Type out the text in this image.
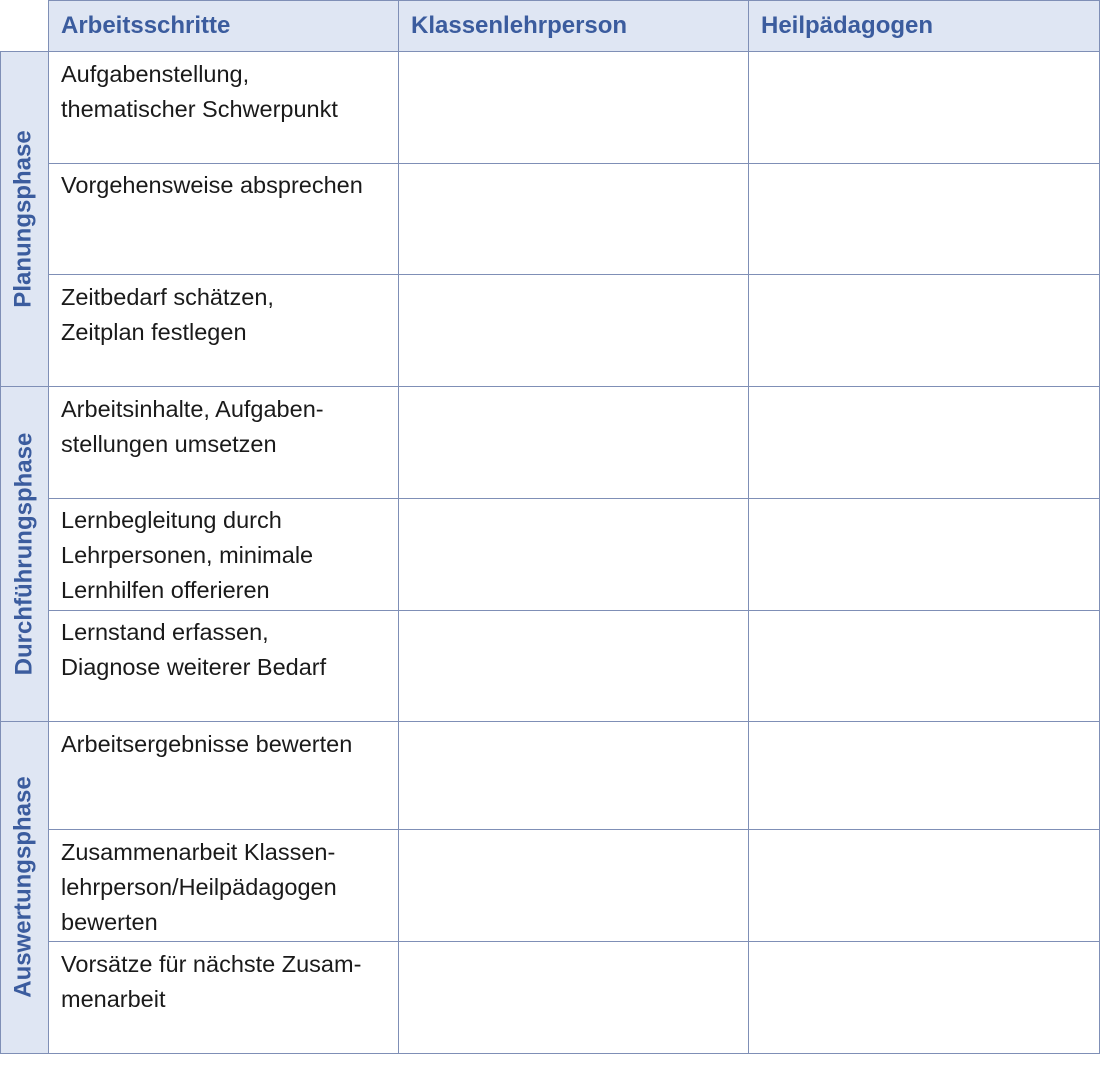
Arbeitsschritte	Klassenlehrperson	Heilpädagogen
Planungsphase
Durchführungsphase
Auswertungsphase
Aufgabenstellung,
thematischer Schwerpunkt
Vorgehensweise absprechen
Zeitbedarf schätzen,
Zeitplan festlegen
Arbeitsinhalte, Aufgaben-
stellungen umsetzen
Lernbegleitung durch
Lehrpersonen, minimale
Lernhilfen offerieren
Lernstand erfassen,
Diagnose weiterer Bedarf
Arbeitsergebnisse bewerten
Zusammenarbeit Klassen-
lehrperson/Heilpädagogen
bewerten
Vorsätze für nächste Zusam-
menarbeit
